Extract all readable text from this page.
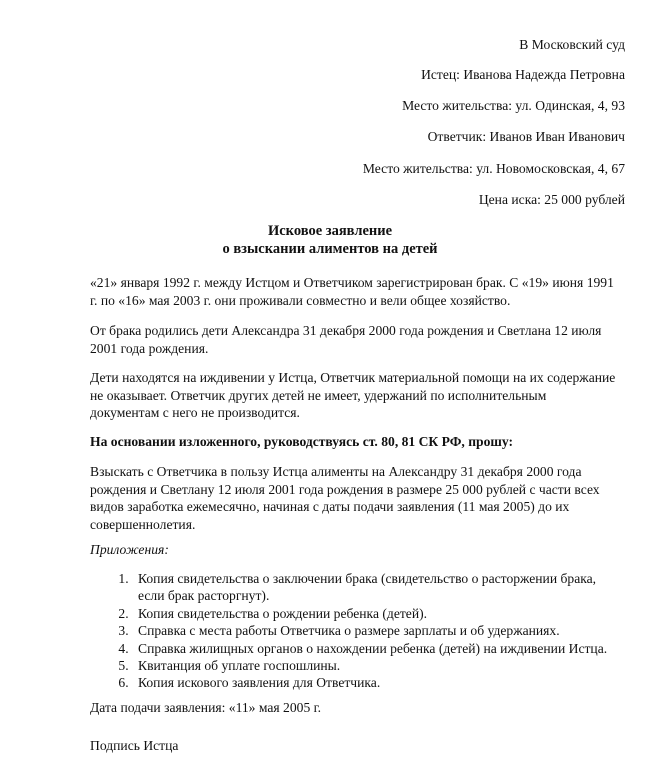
В Московский суд
Истец: Иванова Надежда Петровна
Место жительства: ул. Одинская, 4, 93
Ответчик: Иванов Иван Иванович
Место жительства: ул. Новомосковская, 4, 67
Цена иска: 25 000 рублей
Исковое заявление
о взыскании алиментов на детей

«21» января 1992 г. между Истцом и Ответчиком зарегистрирован брак. С «19» июня 1991
г. по «16» мая 2003 г. они проживали совместно и вели общее хозяйство.

От брака родились дети Александра 31 декабря 2000 года рождения и Светлана 12 июля
2001 года рождения.

Дети находятся на иждивении у Истца, Ответчик материальной помощи на их содержание
не оказывает. Ответчик других детей не имеет, удержаний по исполнительным
документам с него не производится.

На основании изложенного, руководствуясь ст. 80, 81 СК РФ, прошу:

Взыскать с Ответчика в пользу Истца алименты на Александру 31 декабря 2000 года
рождения и Светлану 12 июля 2001 года рождения в размере 25 000 рублей с части всех
видов заработка ежемесячно, начиная с даты подачи заявления (11 мая 2005) до их
совершеннолетия.

Приложения:

1. Копия свидетельства о заключении брака (свидетельство о расторжении брака,
если брак расторгнут).
2. Копия свидетельства о рождении ребенка (детей).
3. Справка с места работы Ответчика о размере зарплаты и об удержаниях.
4. Справка жилищных органов о нахождении ребенка (детей) на иждивении Истца.
5. Квитанция об уплате госпошлины.
6. Копия искового заявления для Ответчика.

Дата подачи заявления: «11» мая 2005 г.

Подпись Истца
